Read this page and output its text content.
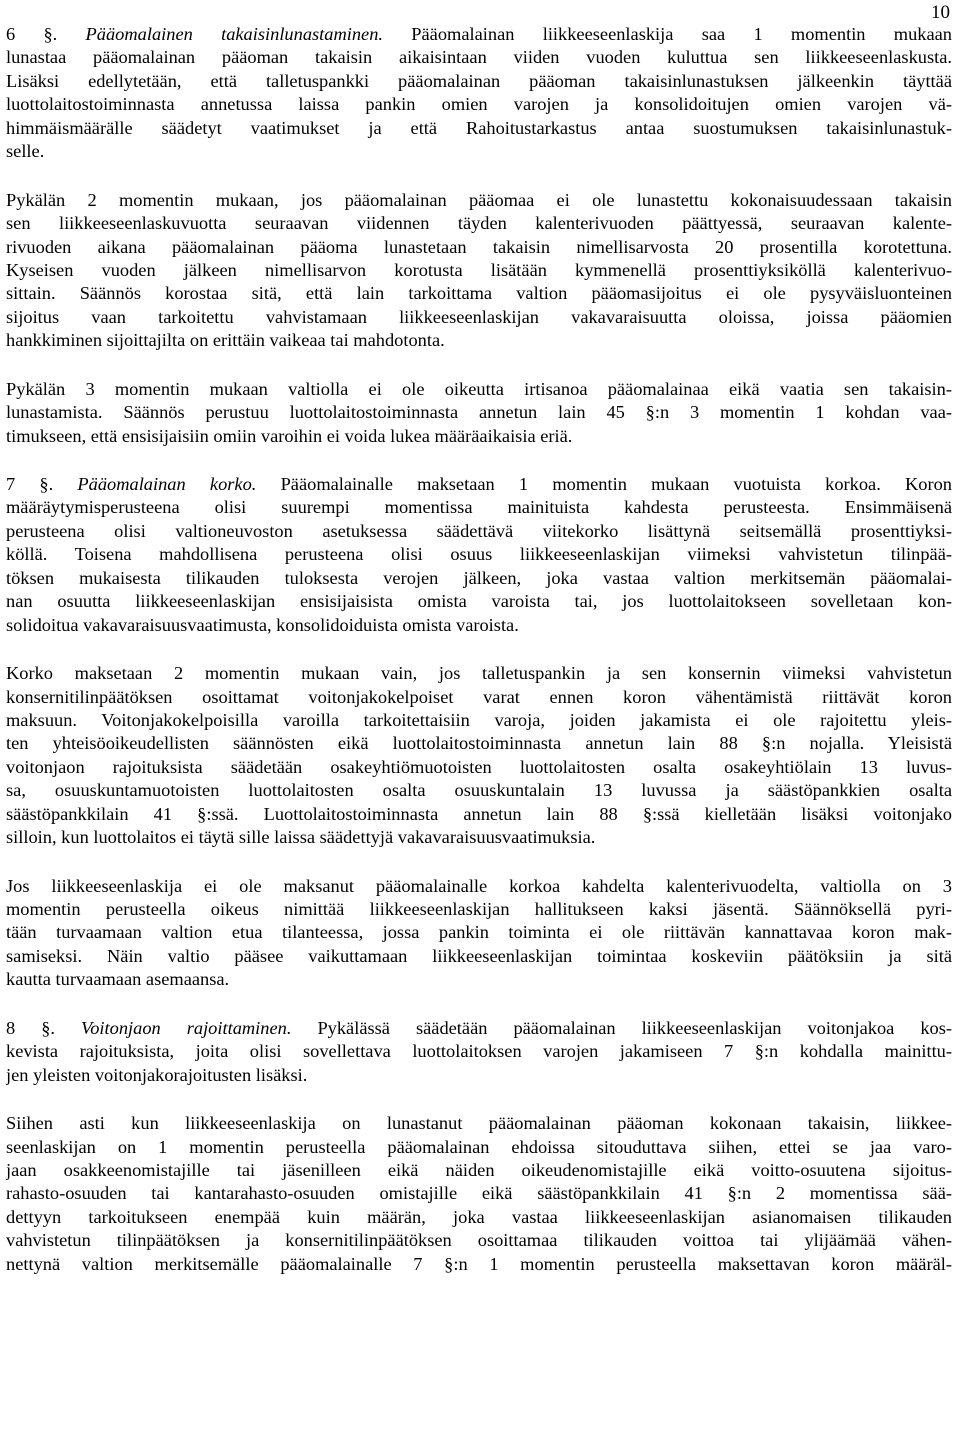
10
6 §. Pääomalainen takaisinlunastaminen. Pääomalainan liikkeeseenlaskija saa 1 momentin mukaan
lunastaa pääomalainan pääoman takaisin aikaisintaan viiden vuoden kuluttua sen liikkeeseenlaskusta.
Lisäksi edellytetään, että talletuspankki pääomalainan pääoman takaisinlunastuksen jälkeenkin täyttää
luottolaitostoiminnasta annetussa laissa pankin omien varojen ja konsolidoitujen omien varojen vä-
himmäismäärälle säädetyt vaatimukset ja että Rahoitustarkastus antaa suostumuksen takaisinlunastuk-
selle.
Pykälän 2 momentin mukaan, jos pääomalainan pääomaa ei ole lunastettu kokonaisuudessaan takaisin
sen liikkeeseenlaskuvuotta seuraavan viidennen täyden kalenterivuoden päättyessä, seuraavan kalente-
rivuoden aikana pääomalainan pääoma lunastetaan takaisin nimellisarvosta 20 prosentilla korotettuna.
Kyseisen vuoden jälkeen nimellisarvon korotusta lisätään kymmenellä prosenttiyksiköllä kalenterivuo-
sittain. Säännös korostaa sitä, että lain tarkoittama valtion pääomasijoitus ei ole pysyväisluonteinen
sijoitus vaan tarkoitettu vahvistamaan liikkeeseenlaskijan vakavaraisuutta oloissa, joissa pääomien
hankkiminen sijoittajilta on erittäin vaikeaa tai mahdotonta.
Pykälän 3 momentin mukaan valtiolla ei ole oikeutta irtisanoa pääomalainaa eikä vaatia sen takaisin-
lunastamista. Säännös perustuu luottolaitostoiminnasta annetun lain 45 §:n 3 momentin 1 kohdan vaa-
timukseen, että ensisijaisiin omiin varoihin ei voida lukea määräaikaisia eriä.
7 §. Pääomalainan korko. Pääomalainalle maksetaan 1 momentin mukaan vuotuista korkoa. Koron
määräytymisperusteena olisi suurempi momentissa mainituista kahdesta perusteesta. Ensimmäisenä
perusteena olisi valtioneuvoston asetuksessa säädettävä viitekorko lisättynä seitsemällä prosenttiyksi-
köllä. Toisena mahdollisena perusteena olisi osuus liikkeeseenlaskijan viimeksi vahvistetun tilinpää-
töksen mukaisesta tilikauden tuloksesta verojen jälkeen, joka vastaa valtion merkitsemän pääomalai-
nan osuutta liikkeeseenlaskijan ensisijaisista omista varoista tai, jos luottolaitokseen sovelletaan kon-
solidoitua vakavaraisuusvaatimusta, konsolidoiduista omista varoista.
Korko maksetaan 2 momentin mukaan vain, jos talletuspankin ja sen konsernin viimeksi vahvistetun
konsernitilinpäätöksen osoittamat voitonjakokelpoiset varat ennen koron vähentämistä riittävät koron
maksuun. Voitonjakokelpoisilla varoilla tarkoitettaisiin varoja, joiden jakamista ei ole rajoitettu yleis-
ten yhteisöoikeudellisten säännösten eikä luottolaitostoiminnasta annetun lain 88 §:n nojalla. Yleisistä
voitonjaon rajoituksista säädetään osakeyhtiömuotoisten luottolaitosten osalta osakeyhtiölain 13 luvus-
sa, osuuskuntamuotoisten luottolaitosten osalta osuuskuntalain 13 luvussa ja säästöpankkien osalta
säästöpankkilain 41 §:ssä. Luottolaitostoiminnasta annetun lain 88 §:ssä kielletään lisäksi voitonjako
silloin, kun luottolaitos ei täytä sille laissa säädettyjä vakavaraisuusvaatimuksia.
Jos liikkeeseenlaskija ei ole maksanut pääomalainalle korkoa kahdelta kalenterivuodelta, valtiolla on 3
momentin perusteella oikeus nimittää liikkeeseenlaskijan hallitukseen kaksi jäsentä. Säännöksellä pyri-
tään turvaamaan valtion etua tilanteessa, jossa pankin toiminta ei ole riittävän kannattavaa koron mak-
samiseksi. Näin valtio pääsee vaikuttamaan liikkeeseenlaskijan toimintaa koskeviin päätöksiin ja sitä
kautta turvaamaan asemaansa.
8 §. Voitonjaon rajoittaminen. Pykälässä säädetään pääomalainan liikkeeseenlaskijan voitonjakoa kos-
kevista rajoituksista, joita olisi sovellettava luottolaitoksen varojen jakamiseen 7 §:n kohdalla mainittu-
jen yleisten voitonjakorajoitusten lisäksi.
Siihen asti kun liikkeeseenlaskija on lunastanut pääomalainan pääoman kokonaan takaisin, liikkee-
seenlaskijan on 1 momentin perusteella pääomalainan ehdoissa sitouduttava siihen, ettei se jaa varo-
jaan osakkeenomistajille tai jäsenilleen eikä näiden oikeudenomistajille eikä voitto-osuutena sijoitus-
rahasto-osuuden tai kantarahasto-osuuden omistajille eikä säästöpankkilain 41 §:n 2 momentissa sää-
dettyyn tarkoitukseen enempää kuin määrän, joka vastaa liikkeeseenlaskijan asianomaisen tilikauden
vahvistetun tilinpäätöksen ja konsernitilinpäätöksen osoittamaa tilikauden voittoa tai ylijäämää vähen-
nettynä valtion merkitsemälle pääomalainalle 7 §:n 1 momentin perusteella maksettavan koron määräl-
